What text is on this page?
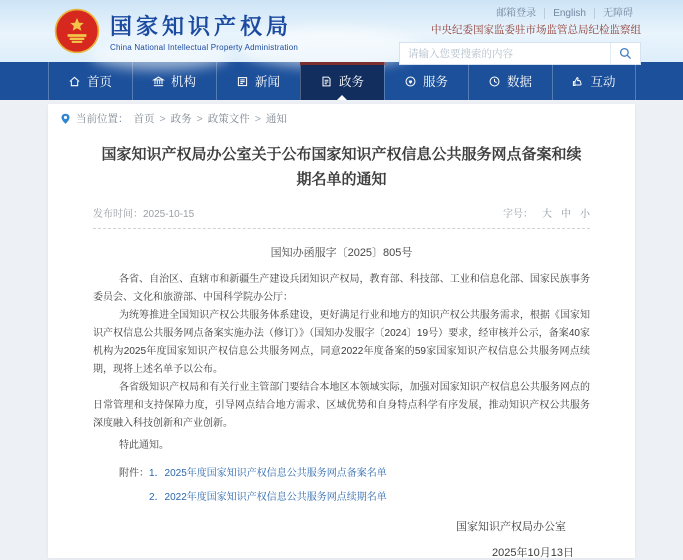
国家知识产权局
China National Intellectual Property Administration
邮箱登录 English 无障碍
中央纪委国家监委驻市场监管总局纪检监察组
请输入您要搜索的内容
首页	机构	新闻	政务	服务	数据	互动
当前位置： 首页 > 政务 > 政策文件 > 通知
国家知识产权局办公室关于公布国家知识产权信息公共服务网点备案和续期名单的通知
发布时间：2025-10-15	字号： 大 中 小
国知办函服字〔2025〕805号

各省、自治区、直辖市和新疆生产建设兵团知识产权局，教育部、科技部、工业和信息化部、国家民族事务委员会、文化和旅游部、中国科学院办公厅：

为统筹推进全国知识产权公共服务体系建设，更好满足行业和地方的知识产权公共服务需求，根据《国家知识产权信息公共服务网点备案实施办法（修订）》（国知办发服字〔2024〕19号）要求，经审核并公示，备案40家机构为2025年度国家知识产权信息公共服务网点，同意2022年度备案的59家国家知识产权信息公共服务网点续期，现将上述名单予以公布。

各省级知识产权局和有关行业主管部门要结合本地区本领域实际，加强对国家知识产权信息公共服务网点的日常管理和支持保障力度，引导网点结合地方需求、区域优势和自身特点科学有序发展，推动知识产权公共服务深度融入科技创新和产业创新。

特此通知。

附件：1．2025年度国家知识产权信息公共服务网点备案名单
2．2022年度国家知识产权信息公共服务网点续期名单
国家知识产权局办公室
2025年10月13日
